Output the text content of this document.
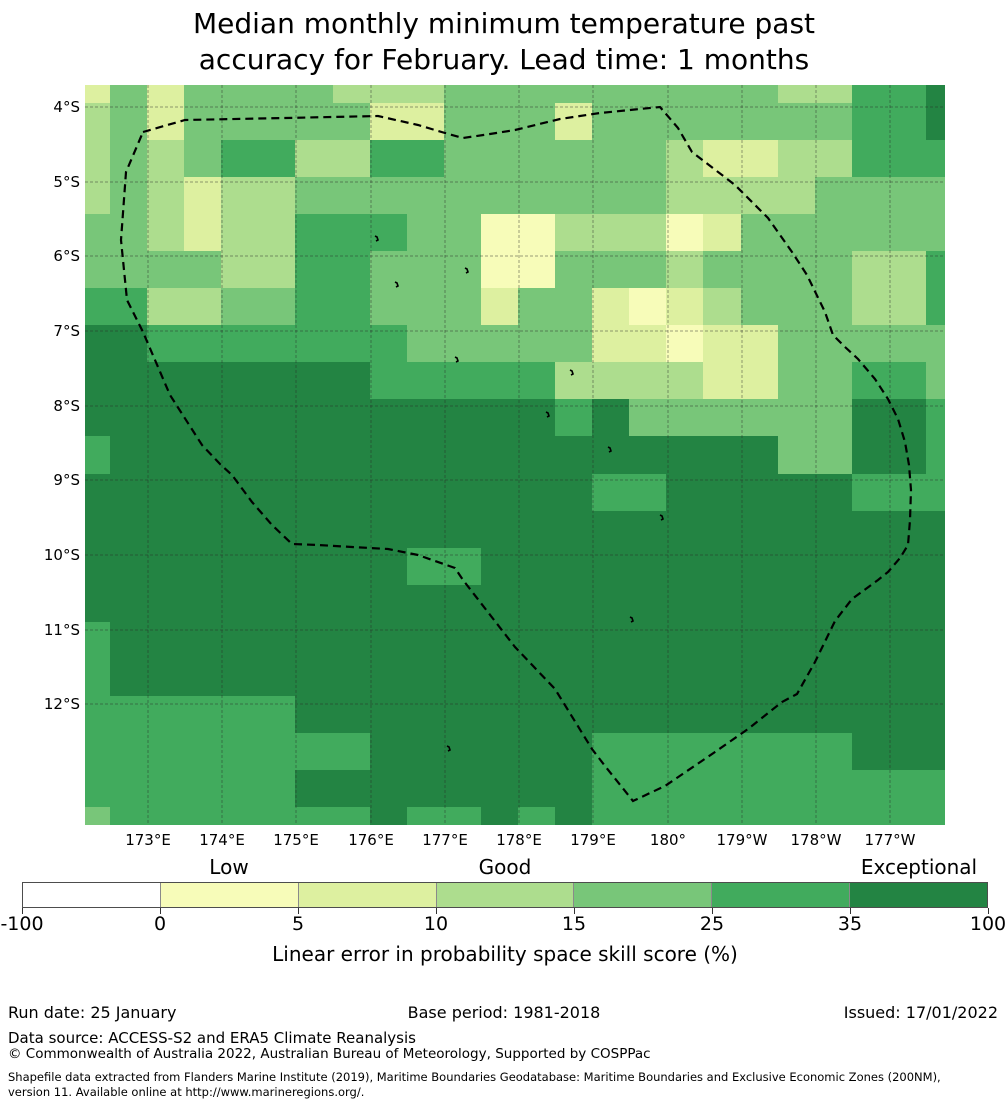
Median monthly minimum temperature past
accuracy for February. Lead time: 1 months
4°S
5°S
6°S
7°S
8°S
9°S
10°S
11°S
12°S
173°E	174°E	175°E	176°E	177°E	178°E	179°E	180°	179°W	178°W	177°W
Low	Good	Exceptional
-100	0	5	10	15	25	35	100
Linear error in probability space skill score (%)
Run date: 25 January	Base period: 1981-2018	Issued: 17/01/2022
Data source: ACCESS-S2 and ERA5 Climate Reanalysis
© Commonwealth of Australia 2022, Australian Bureau of Meteorology, Supported by COSPPac
Shapefile data extracted from Flanders Marine Institute (2019), Maritime Boundaries Geodatabase: Maritime Boundaries and Exclusive Economic Zones (200NM),
version 11. Available online at http://www.marineregions.org/.
